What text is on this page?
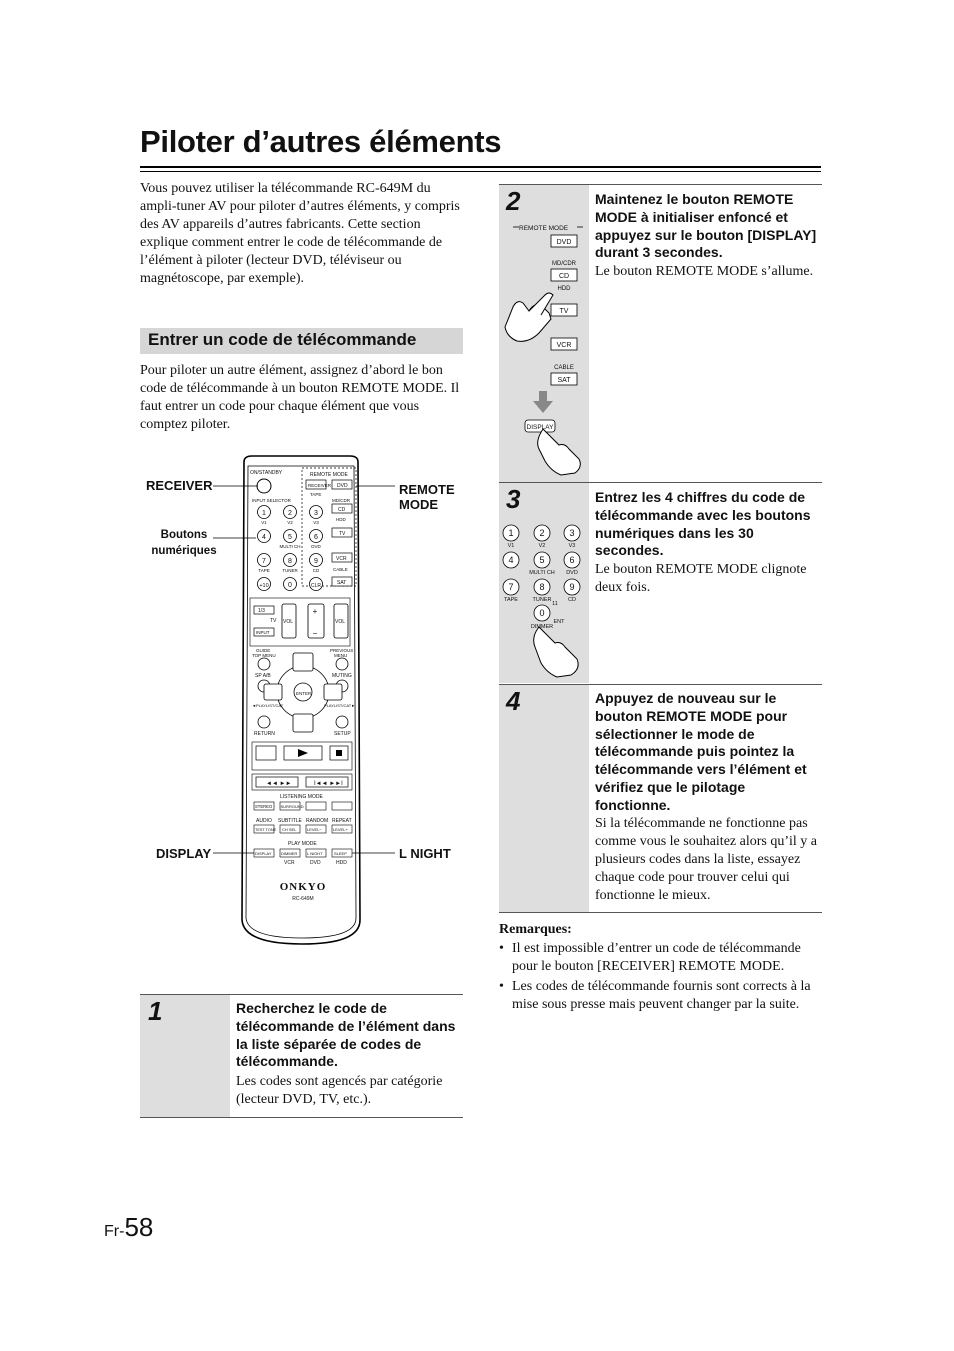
Piloter d’autres éléments
Vous pouvez utiliser la télécommande RC-649M du ampli-tuner AV pour piloter d’autres éléments, y compris des AV appareils d’autres fabricants. Cette section explique comment entrer le code de télécommande de l’élément à piloter (lecteur DVD, téléviseur ou magnétoscope, par exemple).
Entrer un code de télécommande
Pour piloter un autre élément, assignez d’abord le bon code de télécommande à un bouton REMOTE MODE. Il faut entrer un code pour chaque élément que vous comptez piloter.
ON/STANDBY	REMOTE MODE
RECEIVER DVD
TAPE
INPUT SELECTOR	MD/CDR
CD
HDD
TV
VCR
CABLE
SAT
1	2	3
4	5	6
7	8	9
+10	0	CLR
V1	V2	V3
MULTI CH DVD
TAPE	TUNER	CD
1/3
TV
INPUT
VOL
+
−
VOL
GUIDE
TOP MENU
PREVIOUS
MENU
SP A/B	MUTING
ENTER
◄PLAYLIST/CAT	PLAYLIST/CAT►
RETURN	SETUP
◄◄ ►►	I◄◄ ►►I
LISTENING MODE
STEREO SURROUND
AUDIO SUBTITLE RANDOM REPEAT
TEST TONE CH SEL	LEVEL−	LEVEL+
PLAY MODE
DISPLAY DIMMER L NIGHT	SLEEP
VCR	DVD	HDD
ONKYO
RC-649M
RECEIVER
Boutons
numériques
DISPLAY
REMOTE
MODE
L NIGHT
1	Recherchez le code de télécommande de l’élément dans la liste séparée de codes de télécommande.
Les codes sont agencés par catégorie (lecteur DVD, TV, etc.).
2
REMOTE MODE
DVD
CD
TV
VCR
SAT
MD/CDR
HDD
CABLE
DISPLAY
Maintenez le bouton REMOTE MODE à initialiser enfoncé et appuyez sur le bouton [DISPLAY] durant 3 secondes.
Le bouton REMOTE MODE s’allume.
3
1	2	3
4	5	6
7	8	9
0
V1	V2	V3
MULTI CH DVD
TAPE	TUNER	CD
DIMMER
11
ENT
Entrez les 4 chiffres du code de télécommande avec les boutons numériques dans les 30 secondes.
Le bouton REMOTE MODE clignote deux fois.
4	Appuyez de nouveau sur le bouton REMOTE MODE pour sélectionner le mode de télécommande puis pointez la télécommande vers l’élément et vérifiez que le pilotage fonctionne.
Si la télécommande ne fonctionne pas comme vous le souhaitez alors qu’il y a plusieurs codes dans la liste, essayez chaque code pour trouver celui qui fonctionne le mieux.
Remarques:
• Il est impossible d’entrer un code de télécommande pour le bouton [RECEIVER] REMOTE MODE.
• Les codes de télécommande fournis sont corrects à la mise sous presse mais peuvent changer par la suite.
Fr-58
